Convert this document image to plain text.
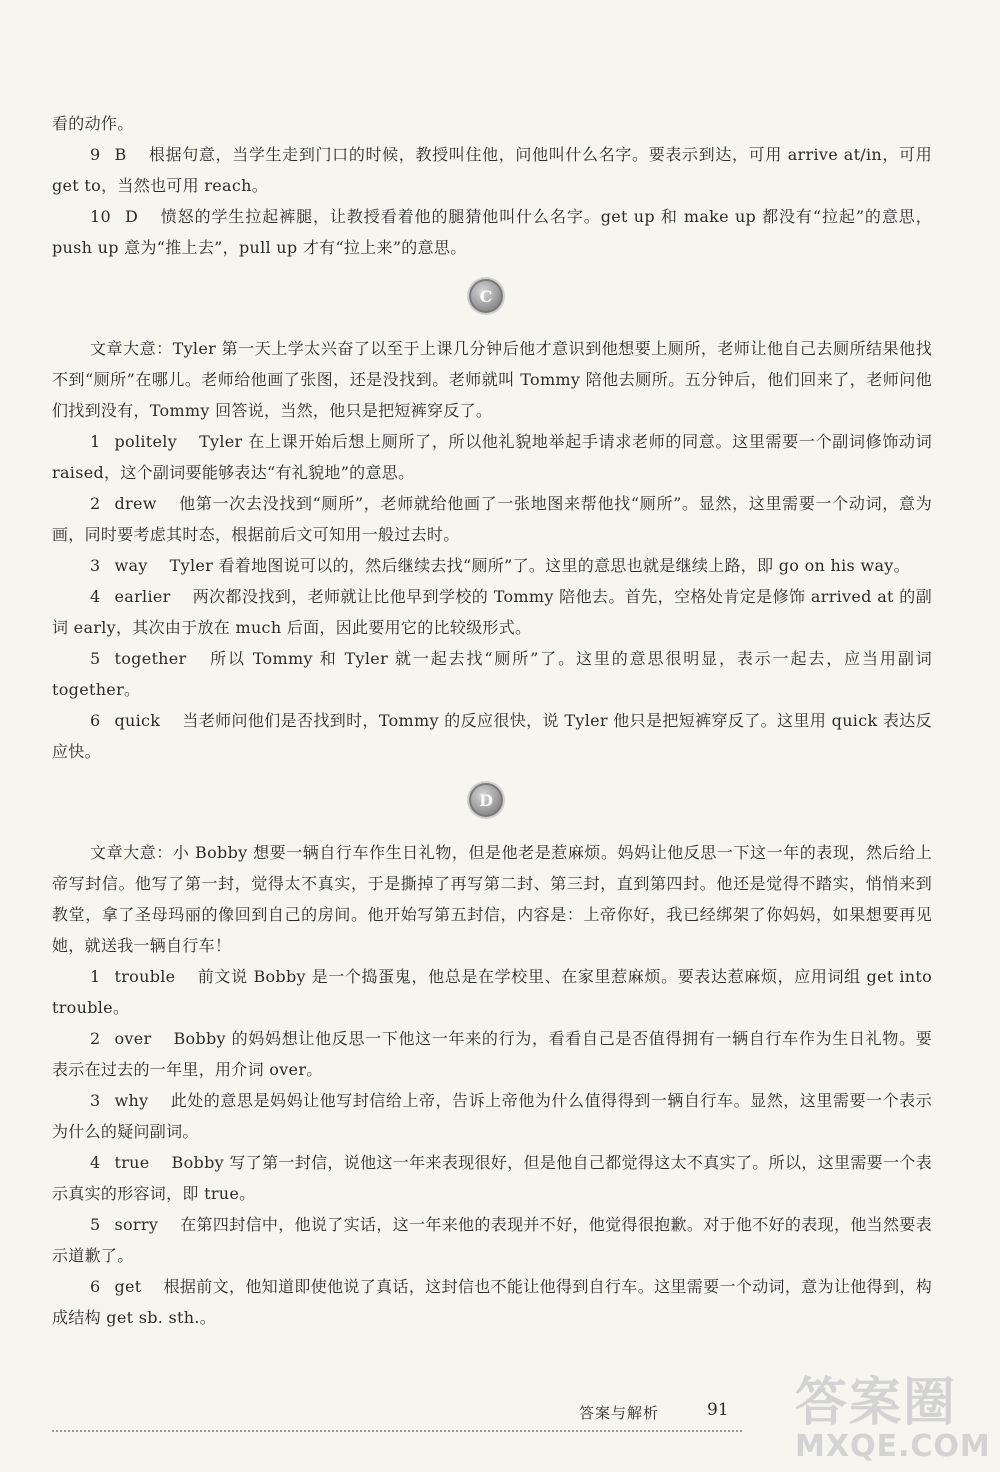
看的动作。

9 B 根据句意，当学生走到门口的时候，教授叫住他，问他叫什么名字。要表示到达，可用 arrive at/in，可用 get to，当然也可用 reach。

10 D 愤怒的学生拉起裤腿，让教授看着他的腿猜他叫什么名字。get up 和 make up 都没有“拉起”的意思，push up 意为“推上去”，pull up 才有“拉上来”的意思。

C

文章大意：Tyler 第一天上学太兴奋了以至于上课几分钟后他才意识到他想要上厕所，老师让他自己去厕所结果他找不到“厕所”在哪儿。老师给他画了张图，还是没找到。老师就叫 Tommy 陪他去厕所。五分钟后，他们回来了，老师问他们找到没有，Tommy 回答说，当然，他只是把短裤穿反了。

1 politely Tyler 在上课开始后想上厕所了，所以他礼貌地举起手请求老师的同意。这里需要一个副词修饰动词 raised，这个副词要能够表达“有礼貌地”的意思。

2 drew 他第一次去没找到“厕所”，老师就给他画了一张地图来帮他找“厕所”。显然，这里需要一个动词，意为画，同时要考虑其时态，根据前后文可知用一般过去时。

3 way Tyler 看着地图说可以的，然后继续去找“厕所”了。这里的意思也就是继续上路，即 go on his way。

4 earlier 两次都没找到，老师就让比他早到学校的 Tommy 陪他去。首先，空格处肯定是修饰 arrived at 的副词 early，其次由于放在 much 后面，因此要用它的比较级形式。

5 together 所以 Tommy 和 Tyler 就一起去找“厕所”了。这里的意思很明显，表示一起去，应当用副词 together。

6 quick 当老师问他们是否找到时，Tommy 的反应很快，说 Tyler 他只是把短裤穿反了。这里用 quick 表达反应快。

D

文章大意：小 Bobby 想要一辆自行车作生日礼物，但是他老是惹麻烦。妈妈让他反思一下这一年的表现，然后给上帝写封信。他写了第一封，觉得太不真实，于是撕掉了再写第二封、第三封，直到第四封。他还是觉得不踏实，悄悄来到教堂，拿了圣母玛丽的像回到自己的房间。他开始写第五封信，内容是：上帝你好，我已经绑架了你妈妈，如果想要再见她，就送我一辆自行车！

1 trouble 前文说 Bobby 是一个捣蛋鬼，他总是在学校里、在家里惹麻烦。要表达惹麻烦，应用词组 get into trouble。

2 over Bobby 的妈妈想让他反思一下他这一年来的行为，看看自己是否值得拥有一辆自行车作为生日礼物。要表示在过去的一年里，用介词 over。

3 why 此处的意思是妈妈让他写封信给上帝，告诉上帝他为什么值得得到一辆自行车。显然，这里需要一个表示为什么的疑问副词。

4 true Bobby 写了第一封信，说他这一年来表现很好，但是他自己都觉得这太不真实了。所以，这里需要一个表示真实的形容词，即 true。

5 sorry 在第四封信中，他说了实话，这一年来他的表现并不好，他觉得很抱歉。对于他不好的表现，他当然要表示道歉了。

6 get 根据前文，他知道即使他说了真话，这封信也不能让他得到自行车。这里需要一个动词，意为让他得到，构成结构 get sb. sth.。

答案与解析	91 答案圈
MXQE.COM
